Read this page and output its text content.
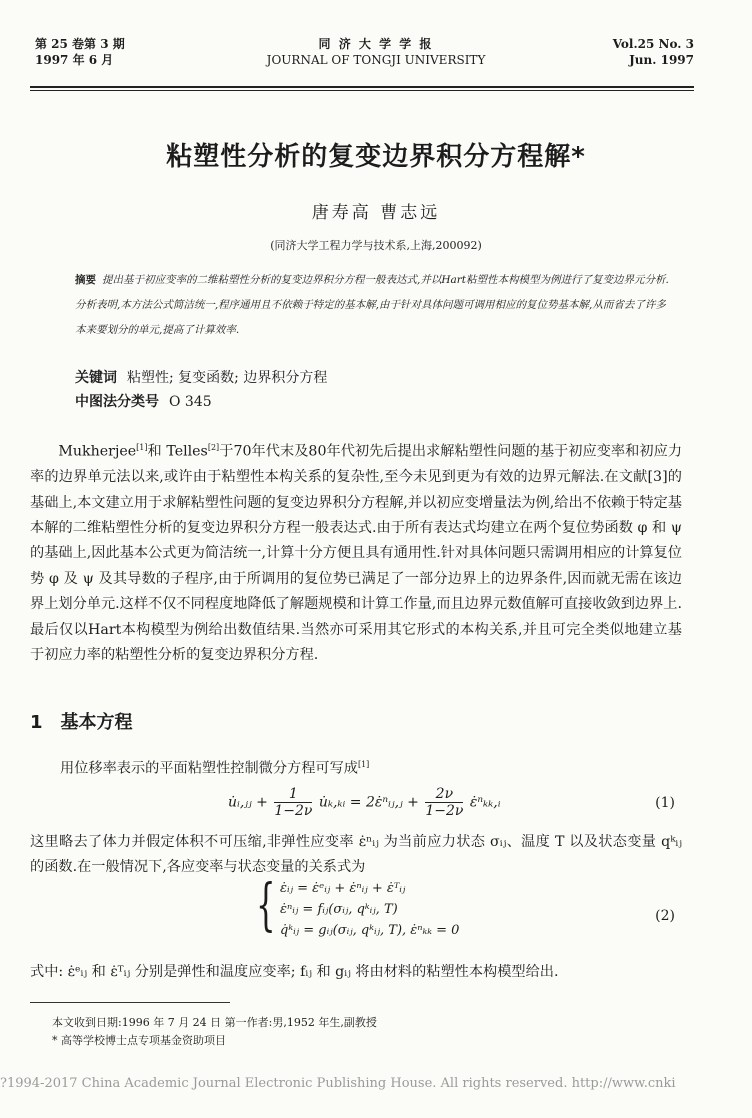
第 25 卷第 3 期
1997 年 6 月
同 济 大 学 学 报
JOURNAL OF TONGJI UNIVERSITY
Vol.25 No. 3
Jun. 1997
粘塑性分析的复变边界积分方程解*
唐寿高 曹志远
(同济大学工程力学与技术系,上海,200092)
摘要 提出基于初应变率的二维粘塑性分析的复变边界积分方程一般表达式,并以Hart粘塑性本构模型为例进行了复变边界元分析.分析表明,本方法公式简洁统一,程序通用且不依赖于特定的基本解,由于针对具体问题可调用相应的复位势基本解,从而省去了许多本来要划分的单元,提高了计算效率.
关键词 粘塑性; 复变函数; 边界积分方程
中图法分类号 O 345
Mukherjee[1]和 Telles[2]于70年代末及80年代初先后提出求解粘塑性问题的基于初应变率和初应力率的边界单元法以来,或许由于粘塑性本构关系的复杂性,至今未见到更为有效的边界元解法.在文献[3]的基础上,本文建立用于求解粘塑性问题的复变边界积分方程解,并以初应变增量法为例,给出不依赖于特定基本解的二维粘塑性分析的复变边界积分方程一般表达式.由于所有表达式均建立在两个复位势函数 φ 和 ψ 的基础上,因此基本公式更为简洁统一,计算十分方便且具有通用性.针对具体问题只需调用相应的计算复位势 φ 及 ψ 及其导数的子程序,由于所调用的复位势已满足了一部分边界上的边界条件,因而就无需在该边界上划分单元.这样不仅不同程度地降低了解题规模和计算工作量,而且边界元数值解可直接收敛到边界上.最后仅以Hart本构模型为例给出数值结果.当然亦可采用其它形式的本构关系,并且可完全类似地建立基于初应力率的粘塑性分析的复变边界积分方程.
1 基本方程
用位移率表示的平面粘塑性控制微分方程可写成[1]
u̇ᵢ,ⱼⱼ + $\frac{1}{1-2\nu}$ u̇ₖ,ₖᵢ = 2ε̇ⁿᵢⱼ,ⱼ + $\frac{2\nu}{1-2\nu}$ ε̇ⁿₖₖ,ᵢ	(1)
这里略去了体力并假定体积不可压缩,非弹性应变率 ε̇ⁿᵢⱼ 为当前应力状态 σᵢⱼ、温度 T 以及状态变量 qᵏᵢⱼ 的函数.在一般情况下,各应变率与状态变量的关系式为
{ ε̇ᵢⱼ = ε̇ᵉᵢⱼ + ε̇ⁿᵢⱼ + ε̇ᵀᵢⱼ
ε̇ⁿᵢⱼ = fᵢⱼ(σᵢⱼ, qᵏᵢⱼ, T)
q̇ᵏᵢⱼ = gᵢⱼ(σᵢⱼ, qᵏᵢⱼ, T), ε̇ⁿₖₖ = 0
(2)
式中: ε̇ᵉᵢⱼ 和 ε̇ᵀᵢⱼ 分别是弹性和温度应变率; fᵢⱼ 和 gᵢⱼ 将由材料的粘塑性本构模型给出.
本文收到日期:1996 年 7 月 24 日 第一作者:男,1952 年生,副教授
* 高等学校博士点专项基金资助项目
?1994-2017 China Academic Journal Electronic Publishing House. All rights reserved. http://www.cnki
